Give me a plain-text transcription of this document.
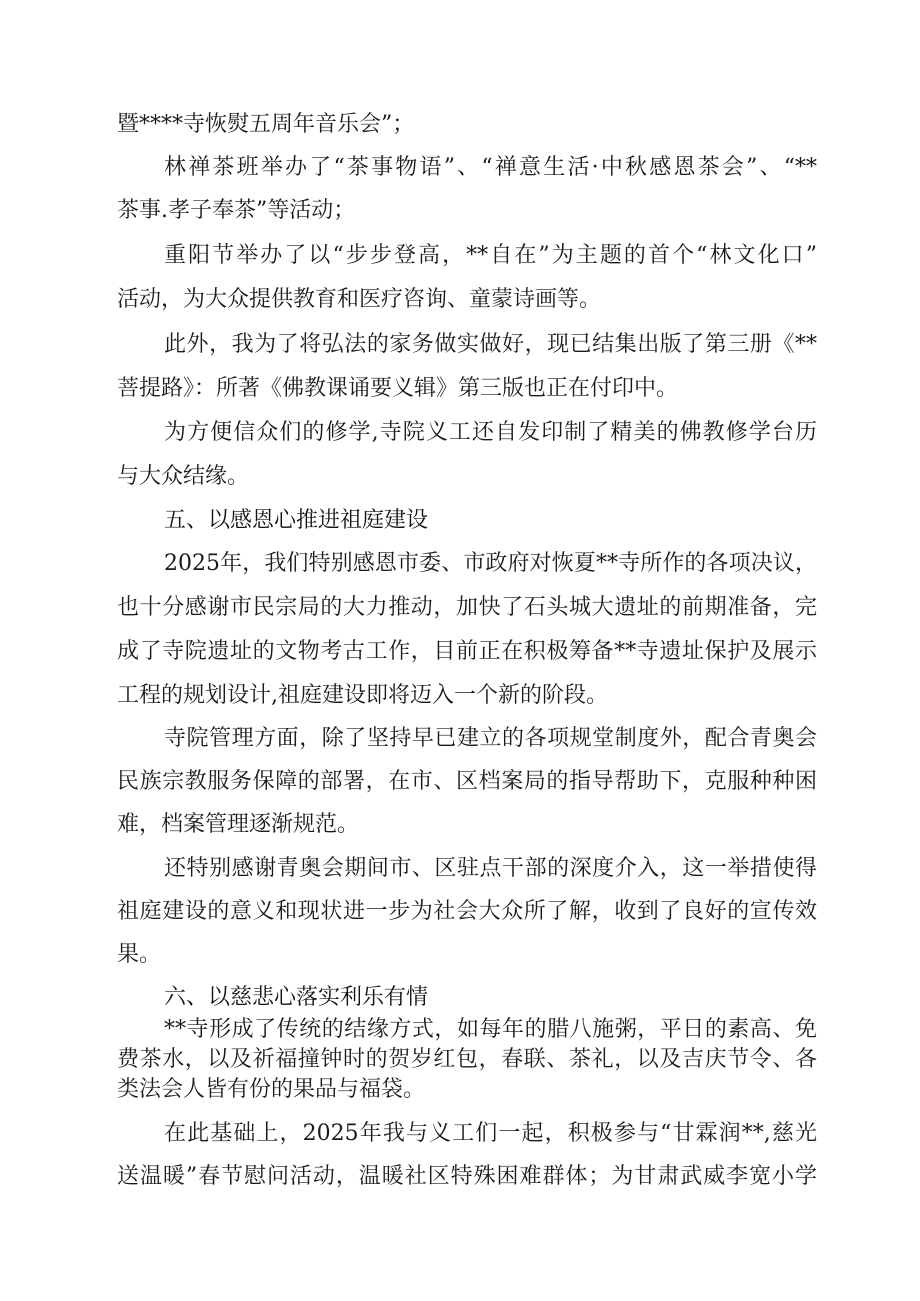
暨****寺恢熨五周年音乐会”；
林禅茶班举办了“茶事物语”、“禅意生活·中秋感恩茶会”、“**
茶事.孝子奉茶”等活动；
重阳节举办了以“步步登高，**自在”为主题的首个“林文化口”
活动，为大众提供教育和医疗咨询、童蒙诗画等。
此外，我为了将弘法的家务做实做好，现已结集出版了第三册《**
菩提路》：所著《佛教课诵要义辑》第三版也正在付印中。
为方便信众们的修学,寺院义工还自发印制了精美的佛教修学台历
与大众结缘。
五、以感恩心推进祖庭建设
2025年，我们特别感恩市委、市政府对恢夏**寺所作的各项决议，
也十分感谢市民宗局的大力推动，加快了石头城大遗址的前期准备，完
成了寺院遗址的文物考古工作，目前正在积极筹备**寺遗址保护及展示
工程的规划设计,祖庭建设即将迈入一个新的阶段。
寺院管理方面，除了坚持早已建立的各项规堂制度外，配合青奥会
民族宗教服务保障的部署，在市、区档案局的指导帮助下，克服种种困
难，档案管理逐渐规范。
还特别感谢青奥会期间市、区驻点干部的深度介入，这一举措使得
祖庭建设的意义和现状进一步为社会大众所了解，收到了良好的宣传效
果。
六、以慈悲心落实利乐有情
**寺形成了传统的结缘方式，如每年的腊八施粥，平日的素高、免
费茶水，以及祈福撞钟时的贺岁红包，春联、茶礼，以及吉庆节令、各
类法会人皆有份的果品与福袋。
在此基础上，2025年我与义工们一起，积极参与“甘霖润**,慈光
送温暖”春节慰问活动，温暖社区特殊困难群体；为甘肃武威李宽小学
